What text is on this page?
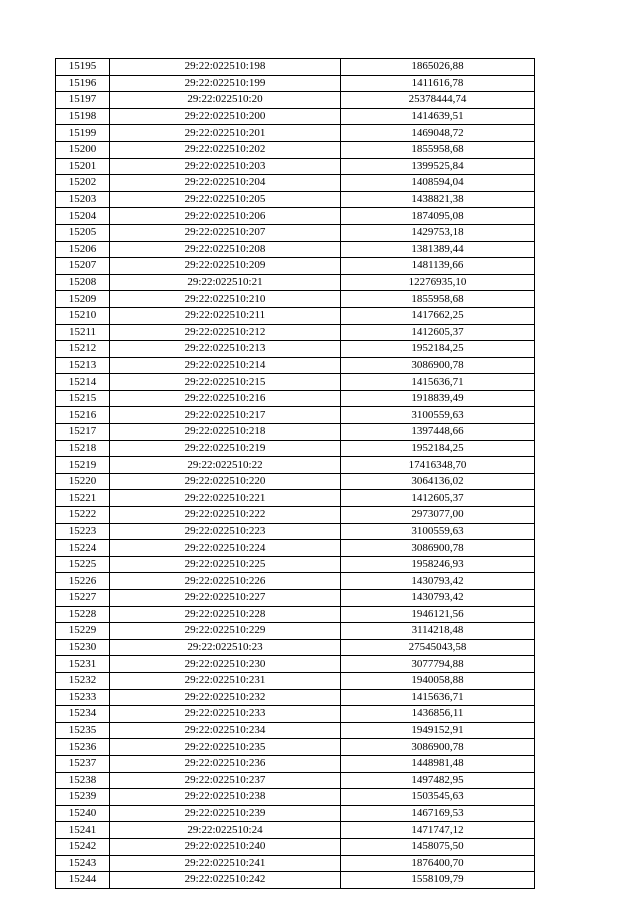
15195	29:22:022510:198	1865026,88
15196	29:22:022510:199	1411616,78
15197	29:22:022510:20	25378444,74
15198	29:22:022510:200	1414639,51
15199	29:22:022510:201	1469048,72
15200	29:22:022510:202	1855958,68
15201	29:22:022510:203	1399525,84
15202	29:22:022510:204	1408594,04
15203	29:22:022510:205	1438821,38
15204	29:22:022510:206	1874095,08
15205	29:22:022510:207	1429753,18
15206	29:22:022510:208	1381389,44
15207	29:22:022510:209	1481139,66
15208	29:22:022510:21	12276935,10
15209	29:22:022510:210	1855958,68
15210	29:22:022510:211	1417662,25
15211	29:22:022510:212	1412605,37
15212	29:22:022510:213	1952184,25
15213	29:22:022510:214	3086900,78
15214	29:22:022510:215	1415636,71
15215	29:22:022510:216	1918839,49
15216	29:22:022510:217	3100559,63
15217	29:22:022510:218	1397448,66
15218	29:22:022510:219	1952184,25
15219	29:22:022510:22	17416348,70
15220	29:22:022510:220	3064136,02
15221	29:22:022510:221	1412605,37
15222	29:22:022510:222	2973077,00
15223	29:22:022510:223	3100559,63
15224	29:22:022510:224	3086900,78
15225	29:22:022510:225	1958246,93
15226	29:22:022510:226	1430793,42
15227	29:22:022510:227	1430793,42
15228	29:22:022510:228	1946121,56
15229	29:22:022510:229	3114218,48
15230	29:22:022510:23	27545043,58
15231	29:22:022510:230	3077794,88
15232	29:22:022510:231	1940058,88
15233	29:22:022510:232	1415636,71
15234	29:22:022510:233	1436856,11
15235	29:22:022510:234	1949152,91
15236	29:22:022510:235	3086900,78
15237	29:22:022510:236	1448981,48
15238	29:22:022510:237	1497482,95
15239	29:22:022510:238	1503545,63
15240	29:22:022510:239	1467169,53
15241	29:22:022510:24	1471747,12
15242	29:22:022510:240	1458075,50
15243	29:22:022510:241	1876400,70
15244	29:22:022510:242	1558109,79
